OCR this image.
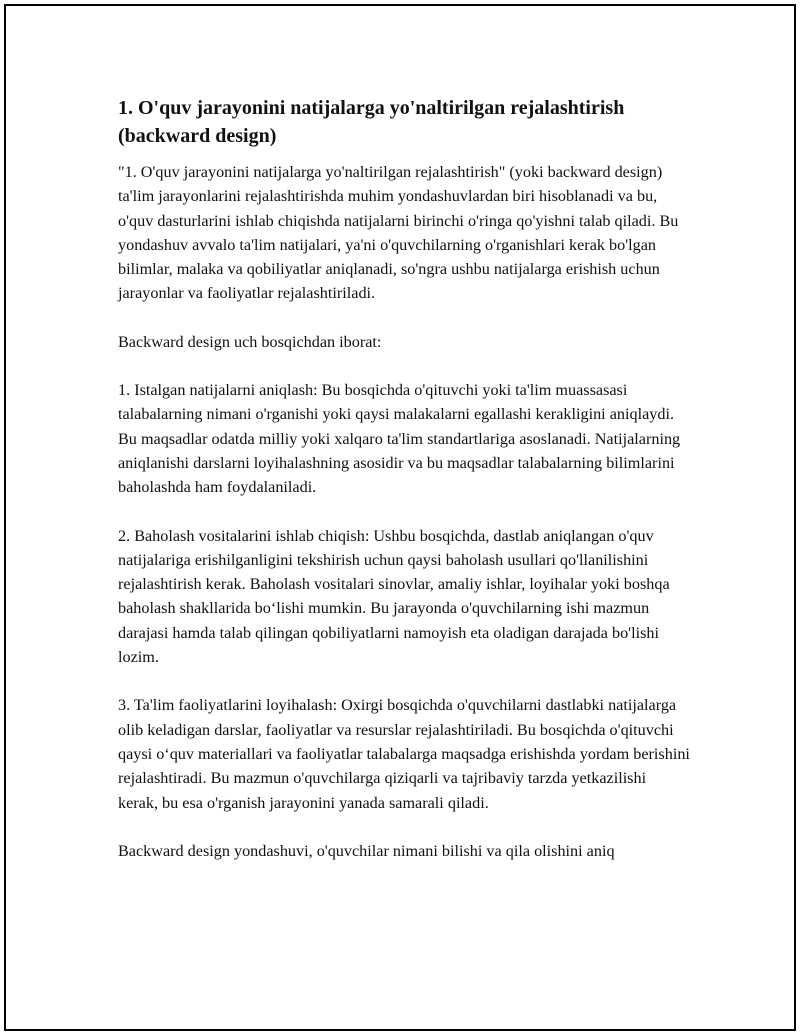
1. O'quv jarayonini natijalarga yo'naltirilgan rejalashtirish (backward design)

"1. O'quv jarayonini natijalarga yo'naltirilgan rejalashtirish" (yoki backward design) ta'lim jarayonlarini rejalashtirishda muhim yondashuvlardan biri hisoblanadi va bu, o'quv dasturlarini ishlab chiqishda natijalarni birinchi o'ringa qo'yishni talab qiladi. Bu yondashuv avvalo ta'lim natijalari, ya'ni o'quvchilarning o'rganishlari kerak bo'lgan bilimlar, malaka va qobiliyatlar aniqlanadi, so'ngra ushbu natijalarga erishish uchun jarayonlar va faoliyatlar rejalashtiriladi.

Backward design uch bosqichdan iborat:

1. Istalgan natijalarni aniqlash: Bu bosqichda o'qituvchi yoki ta'lim muassasasi talabalarning nimani o'rganishi yoki qaysi malakalarni egallashi kerakligini aniqlaydi. Bu maqsadlar odatda milliy yoki xalqaro ta'lim standartlariga asoslanadi. Natijalarning aniqlanishi darslarni loyihalashning asosidir va bu maqsadlar talabalarning bilimlarini baholashda ham foydalaniladi.

2. Baholash vositalarini ishlab chiqish: Ushbu bosqichda, dastlab aniqlangan o'quv natijalariga erishilganligini tekshirish uchun qaysi baholash usullari qo'llanilishini rejalashtirish kerak. Baholash vositalari sinovlar, amaliy ishlar, loyihalar yoki boshqa baholash shakllarida bo‘lishi mumkin. Bu jarayonda o'quvchilarning ishi mazmun darajasi hamda talab qilingan qobiliyatlarni namoyish eta oladigan darajada bo'lishi lozim.

3. Ta'lim faoliyatlarini loyihalash: Oxirgi bosqichda o'quvchilarni dastlabki natijalarga olib keladigan darslar, faoliyatlar va resurslar rejalashtiriladi. Bu bosqichda o'qituvchi qaysi o‘quv materiallari va faoliyatlar talabalarga maqsadga erishishda yordam berishini rejalashtiradi. Bu mazmun o'quvchilarga qiziqarli va tajribaviy tarzda yetkazilishi kerak, bu esa o'rganish jarayonini yanada samarali qiladi.

Backward design yondashuvi, o'quvchilar nimani bilishi va qila olishini aniq
